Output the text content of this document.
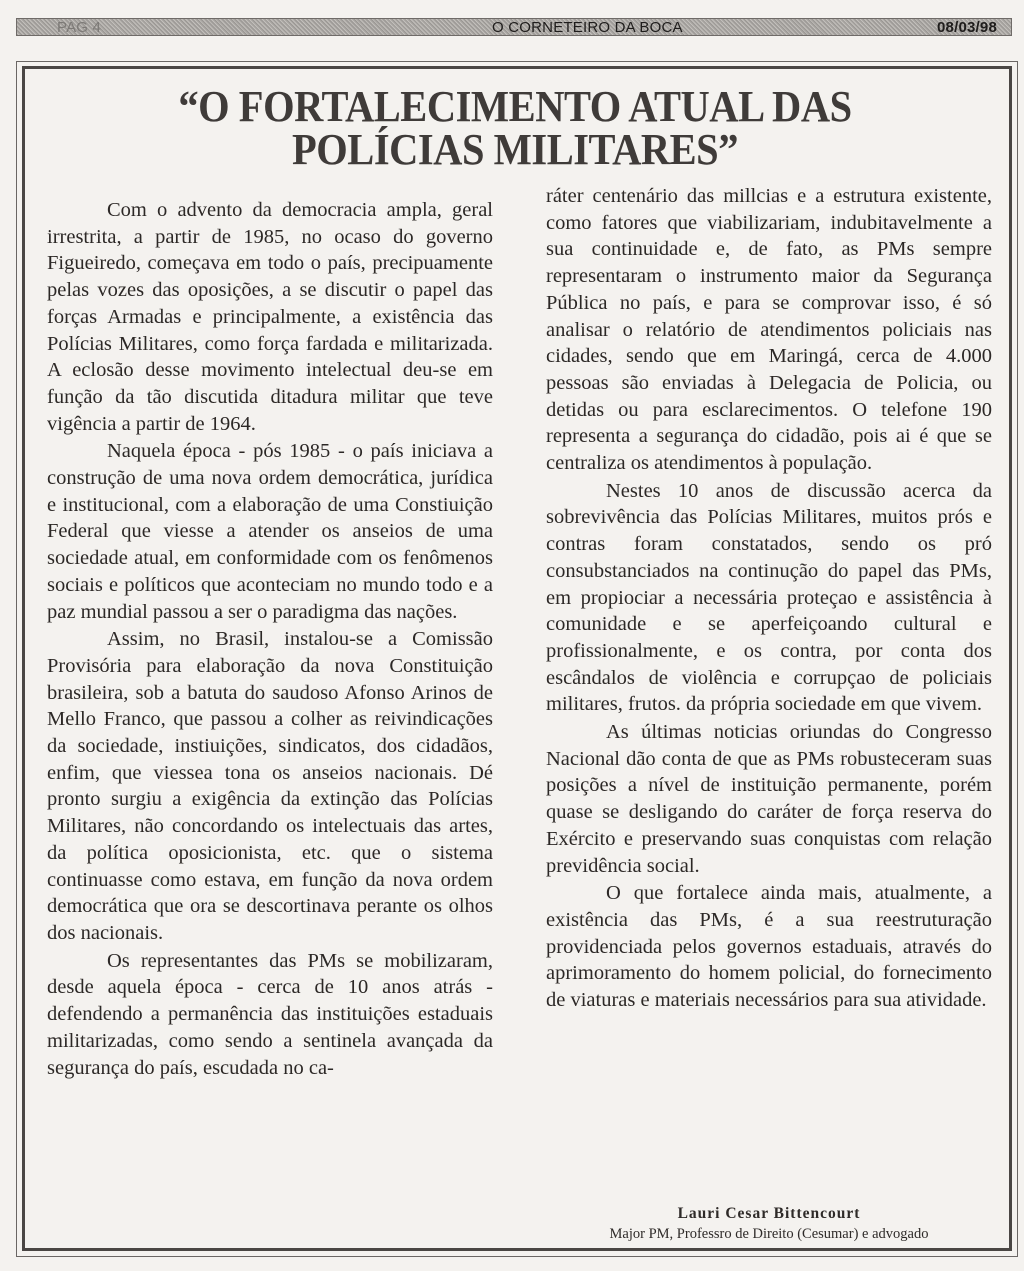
PAG 4	O CORNETEIRO DA BOCA	08/03/98
“O FORTALECIMENTO ATUAL DAS POLÍCIAS MILITARES”

Com o advento da democracia ampla, geral irrestrita, a partir de 1985, no ocaso do governo Figueiredo, começava em todo o país, precipuamente pelas vozes das oposições, a se discutir o papel das forças Armadas e principalmente, a existência das Polícias Militares, como força fardada e militarizada. A eclosão desse movimento intelectual deu-se em função da tão discutida ditadura militar que teve vigência a partir de 1964.

Naquela época - pós 1985 - o país iniciava a construção de uma nova ordem democrática, jurídica e institucional, com a elaboração de uma Constiuição Federal que viesse a atender os anseios de uma sociedade atual, em conformidade com os fenômenos sociais e políticos que aconteciam no mundo todo e a paz mundial passou a ser o paradigma das nações.

Assim, no Brasil, instalou-se a Comissão Provisória para elaboração da nova Constituição brasileira, sob a batuta do saudoso Afonso Arinos de Mello Franco, que passou a colher as reivindicações da sociedade, instiuições, sindicatos, dos cidadãos, enfim, que viessea tona os anseios nacionais. Dé pronto surgiu a exigência da extinção das Polícias Militares, não concordando os intelectuais das artes, da política oposicionista, etc. que o sistema continuasse como estava, em função da nova ordem democrática que ora se descortinava perante os olhos dos nacionais.

Os representantes das PMs se mobilizaram, desde aquela época - cerca de 10 anos atrás - defendendo a permanência das instituições estaduais militarizadas, como sendo a sentinela avançada da segurança do país, escudada no ca-

ráter centenário das millcias e a estrutura existente, como fatores que viabilizariam, indubitavelmente a sua continuidade e, de fato, as PMs sempre representaram o instrumento maior da Segurança Pública no país, e para se comprovar isso, é só analisar o relatório de atendimentos policiais nas cidades, sendo que em Maringá, cerca de 4.000 pessoas são enviadas à Delegacia de Policia, ou detidas ou para esclarecimentos. O telefone 190 representa a segurança do cidadão, pois ai é que se centraliza os atendimentos à população.

Nestes 10 anos de discussão acerca da sobrevivência das Polícias Militares, muitos prós e contras foram constatados, sendo os pró consubstanciados na continução do papel das PMs, em propiociar a necessária proteçao e assistência à comunidade e se aperfeiçoando cultural e profissionalmente, e os contra, por conta dos escândalos de violência e corrupçao de policiais militares, frutos. da própria sociedade em que vivem.

As últimas noticias oriundas do Congresso Nacional dão conta de que as PMs robusteceram suas posições a nível de instituição permanente, porém quase se desligando do caráter de força reserva do Exército e preservando suas conquistas com relação previdência social.

O que fortalece ainda mais, atualmente, a existência das PMs, é a sua reestruturação providenciada pelos governos estaduais, através do aprimoramento do homem policial, do fornecimento de viaturas e materiais necessários para sua atividade.

Lauri Cesar Bittencourt
Major PM, Professro de Direito (Cesumar) e advogado
